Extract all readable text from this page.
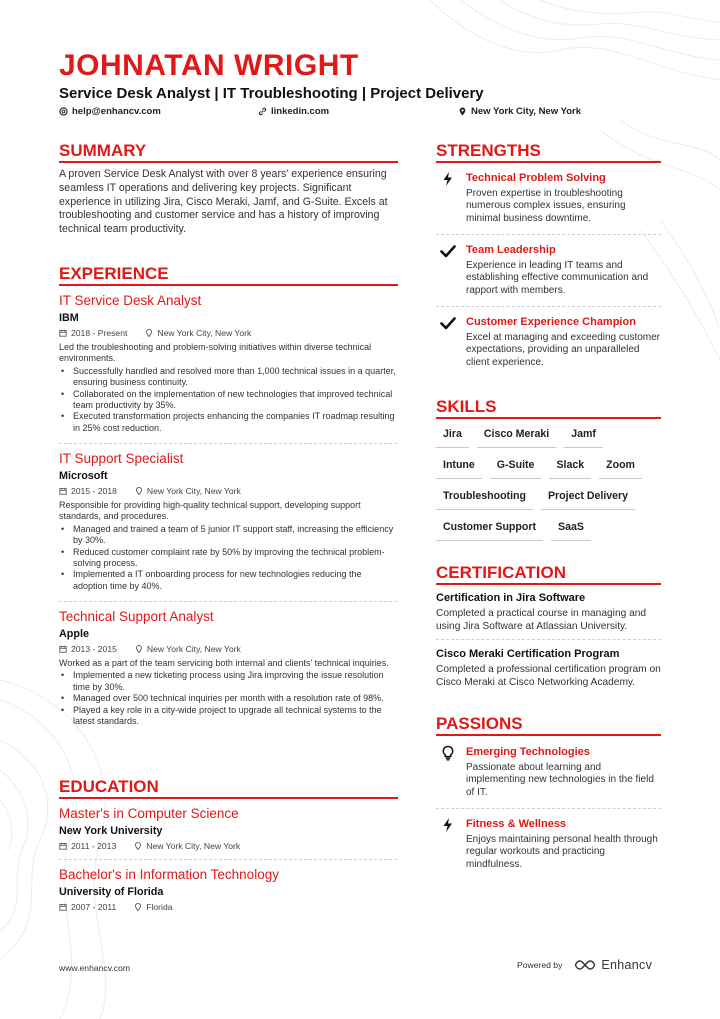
JOHNATAN WRIGHT
Service Desk Analyst | IT Troubleshooting | Project Delivery
help@enhancv.com	linkedin.com	New York City, New York
SUMMARY
A proven Service Desk Analyst with over 8 years' experience ensuring seamless IT operations and delivering key projects. Significant experience in utilizing Jira, Cisco Meraki, Jamf, and G-Suite. Excels at troubleshooting and customer service and has a history of improving technical team productivity.
EXPERIENCE
IT Service Desk Analyst
IBM
2018 - Present	New York City, New York
Led the troubleshooting and problem-solving initiatives within diverse technical environments.
• Successfully handled and resolved more than 1,000 technical issues in a quarter, ensuring business continuity.
• Collaborated on the implementation of new technologies that improved technical team productivity by 35%.
• Executed transformation projects enhancing the companies IT roadmap resulting in 25% cost reduction.
IT Support Specialist
Microsoft
2015 - 2018	New York City, New York
Responsible for providing high-quality technical support, developing support standards, and procedures.
• Managed and trained a team of 5 junior IT support staff, increasing the efficiency by 30%.
• Reduced customer complaint rate by 50% by improving the technical problem-solving process.
• Implemented a IT onboarding process for new technologies reducing the adoption time by 40%.
Technical Support Analyst
Apple
2013 - 2015	New York City, New York
Worked as a part of the team servicing both internal and clients' technical inquiries.
• Implemented a new ticketing process using Jira improving the issue resolution time by 30%.
• Managed over 500 technical inquiries per month with a resolution rate of 98%.
• Played a key role in a city-wide project to upgrade all technical systems to the latest standards.
EDUCATION
Master's in Computer Science
New York University
2011 - 2013	New York City, New York
Bachelor's in Information Technology
University of Florida
2007 - 2011	Florida
STRENGTHS
Technical Problem Solving
Proven expertise in troubleshooting numerous complex issues, ensuring minimal business downtime.
Team Leadership
Experience in leading IT teams and establishing effective communication and rapport with members.
Customer Experience Champion
Excel at managing and exceeding customer expectations, providing an unparalleled client experience.
SKILLS
Jira	Cisco Meraki	Jamf
Intune	G-Suite	Slack	Zoom
Troubleshooting	Project Delivery
Customer Support	SaaS
CERTIFICATION
Certification in Jira Software
Completed a practical course in managing and using Jira Software at Atlassian University.
Cisco Meraki Certification Program
Completed a professional certification program on Cisco Meraki at Cisco Networking Academy.
PASSIONS
Emerging Technologies
Passionate about learning and implementing new technologies in the field of IT.
Fitness & Wellness
Enjoys maintaining personal health through regular workouts and practicing mindfulness.
www.enhancv.com	Powered by	Enhancv
